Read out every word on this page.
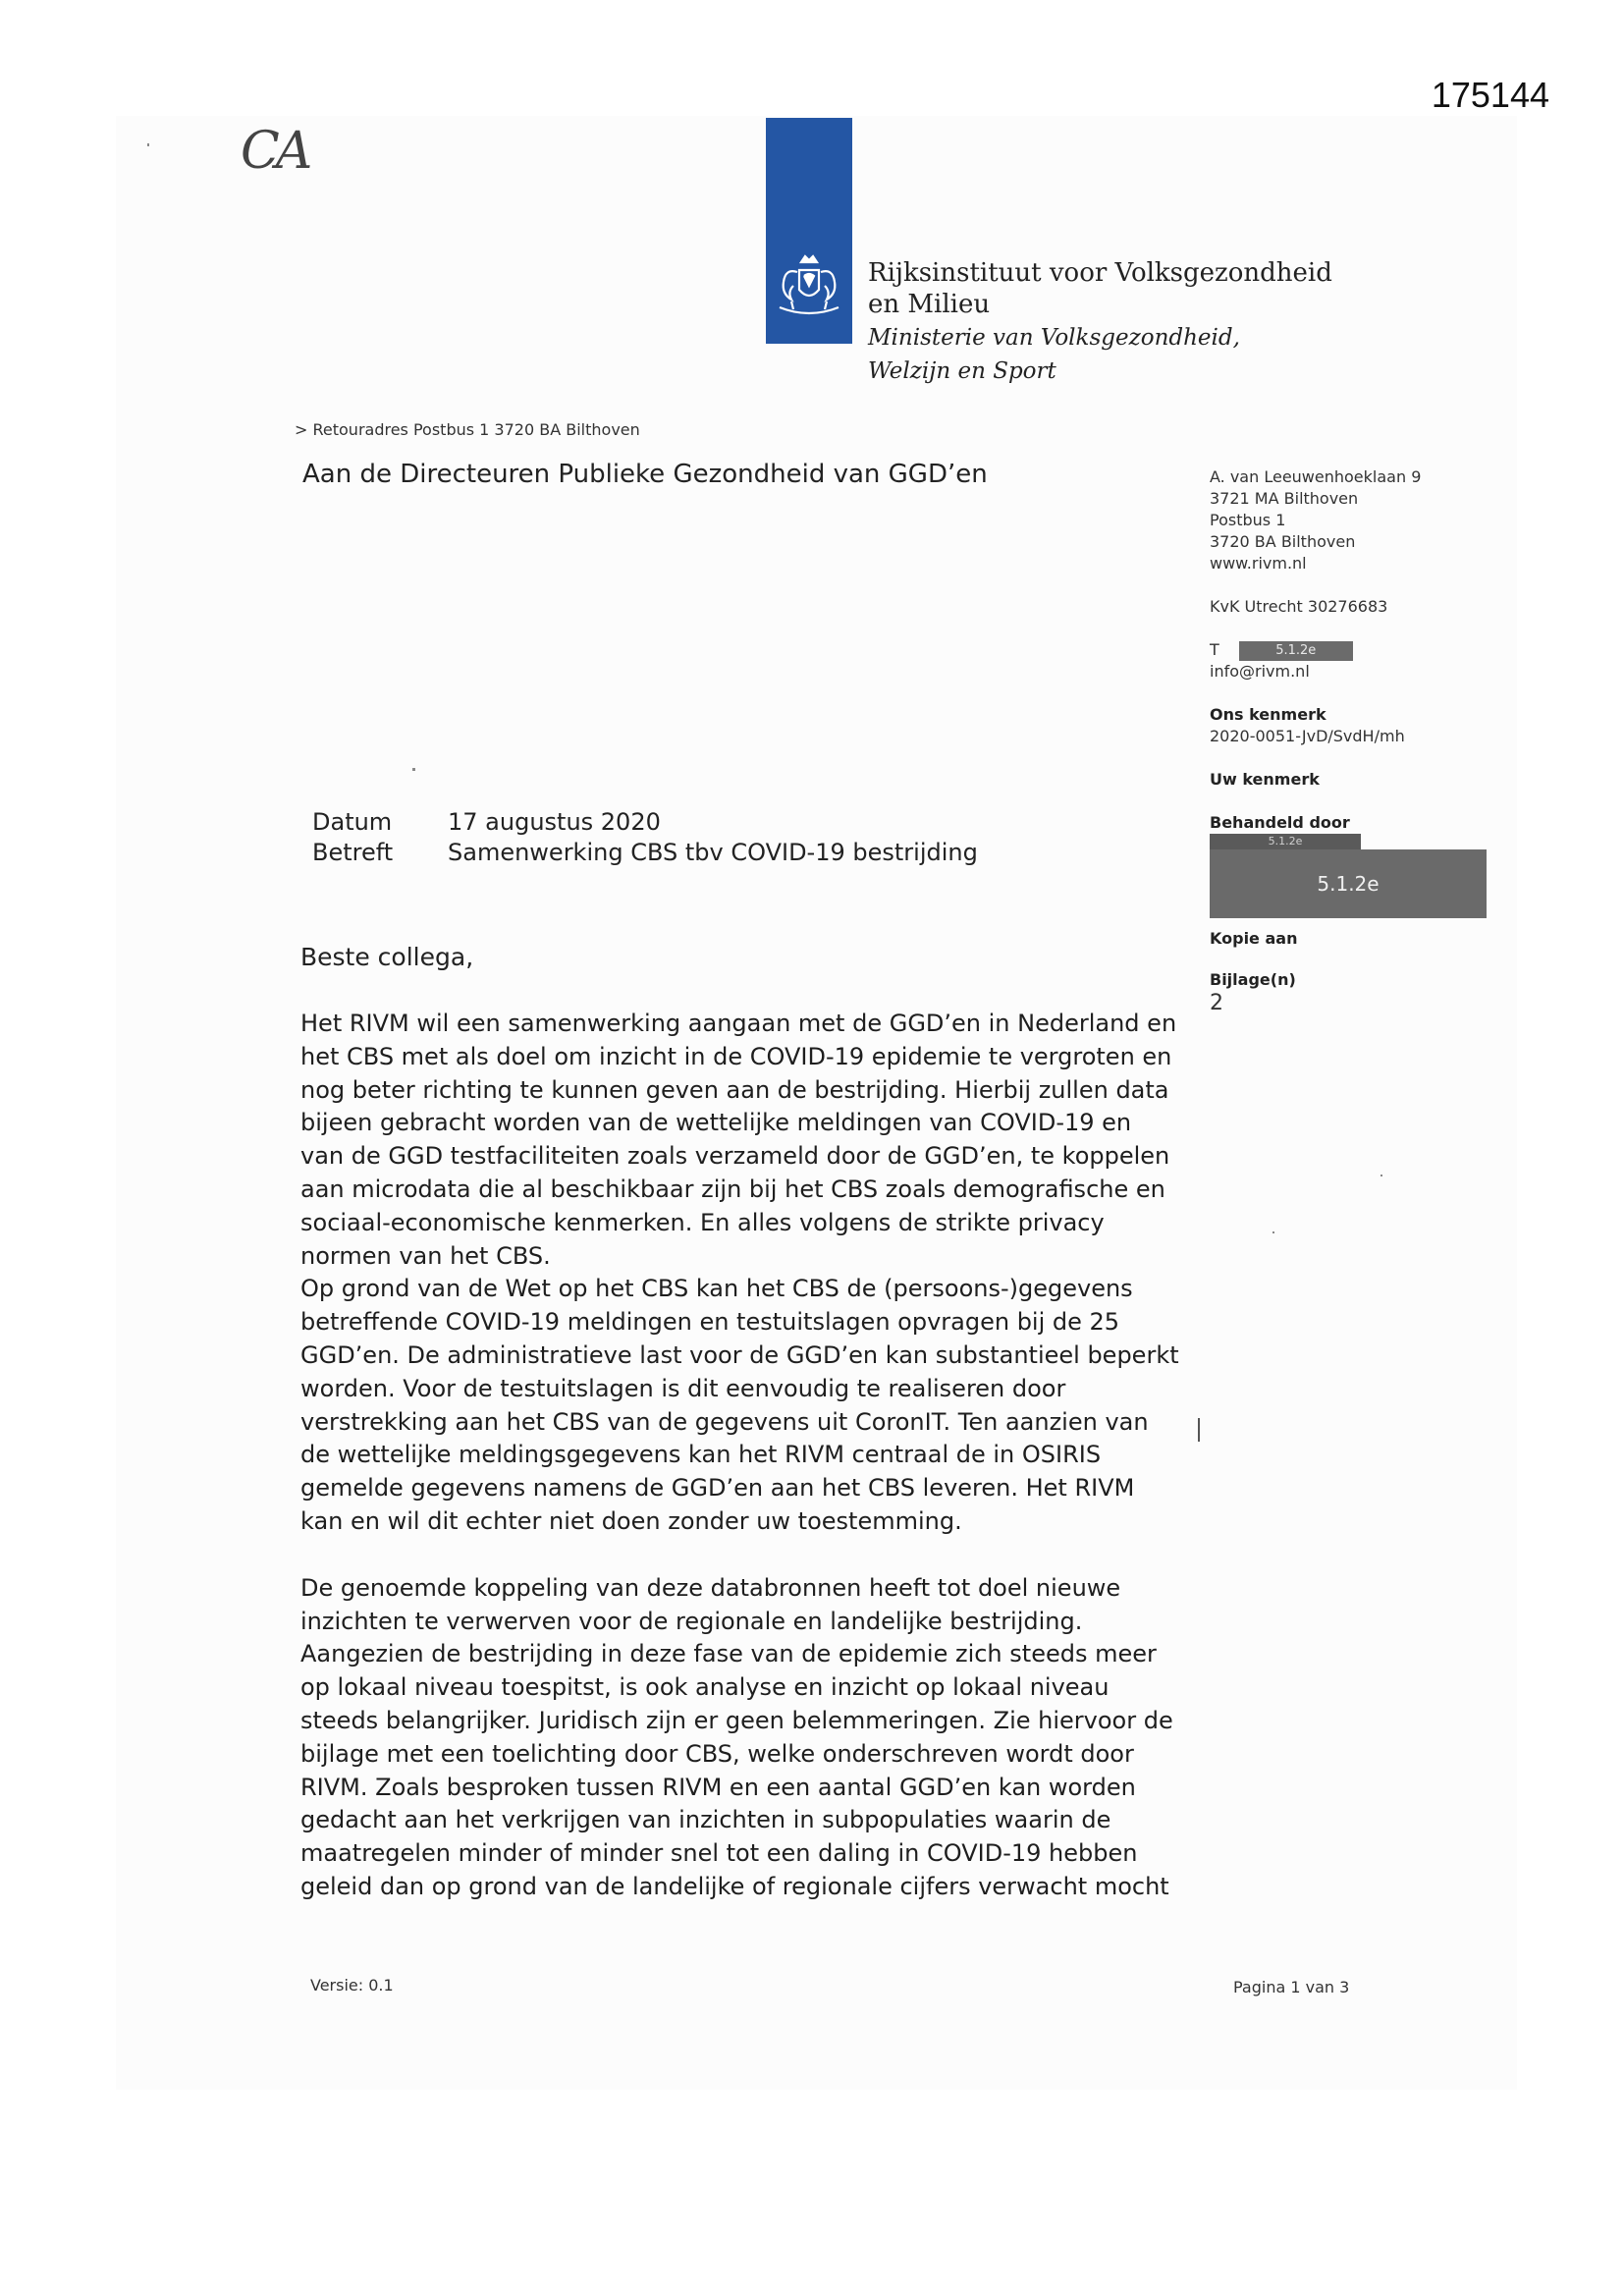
175144
CA
Rijksinstituut voor Volksgezondheid
en Milieu
Ministerie van Volksgezondheid,
Welzijn en Sport
> Retouradres Postbus 1 3720 BA Bilthoven
Aan de Directeuren Publieke Gezondheid van GGD’en	A. van Leeuwenhoeklaan 9
3721 MA Bilthoven
Postbus 1
3720 BA Bilthoven
www.rivm.nl
KvK Utrecht 30276683
T	5.1.2e
info@rivm.nl
Ons kenmerk
2020-0051-JvD/SvdH/mh
Uw kenmerk
Behandeld door
5.1.2e
5.1.2e
Kopie aan
Bijlage(n)
2
Datum 17 augustus 2020
Betreft Samenwerking CBS tbv COVID-19 bestrijding
Beste collega,

Het RIVM wil een samenwerking aangaan met de GGD’en in Nederland en
het CBS met als doel om inzicht in de COVID-19 epidemie te vergroten en
nog beter richting te kunnen geven aan de bestrijding. Hierbij zullen data
bijeen gebracht worden van de wettelijke meldingen van COVID-19 en
van de GGD testfaciliteiten zoals verzameld door de GGD’en, te koppelen
aan microdata die al beschikbaar zijn bij het CBS zoals demografische en
sociaal-economische kenmerken. En alles volgens de strikte privacy
normen van het CBS.

Op grond van de Wet op het CBS kan het CBS de (persoons-)gegevens
betreffende COVID-19 meldingen en testuitslagen opvragen bij de 25
GGD’en. De administratieve last voor de GGD’en kan substantieel beperkt
worden. Voor de testuitslagen is dit eenvoudig te realiseren door
verstrekking aan het CBS van de gegevens uit CoronIT. Ten aanzien van
de wettelijke meldingsgegevens kan het RIVM centraal de in OSIRIS
gemelde gegevens namens de GGD’en aan het CBS leveren. Het RIVM
kan en wil dit echter niet doen zonder uw toestemming.

De genoemde koppeling van deze databronnen heeft tot doel nieuwe
inzichten te verwerven voor de regionale en landelijke bestrijding.
Aangezien de bestrijding in deze fase van de epidemie zich steeds meer
op lokaal niveau toespitst, is ook analyse en inzicht op lokaal niveau
steeds belangrijker. Juridisch zijn er geen belemmeringen. Zie hiervoor de
bijlage met een toelichting door CBS, welke onderschreven wordt door
RIVM. Zoals besproken tussen RIVM en een aantal GGD’en kan worden
gedacht aan het verkrijgen van inzichten in subpopulaties waarin de
maatregelen minder of minder snel tot een daling in COVID-19 hebben
geleid dan op grond van de landelijke of regionale cijfers verwacht mocht

Versie: 0.1	Pagina 1 van 3
